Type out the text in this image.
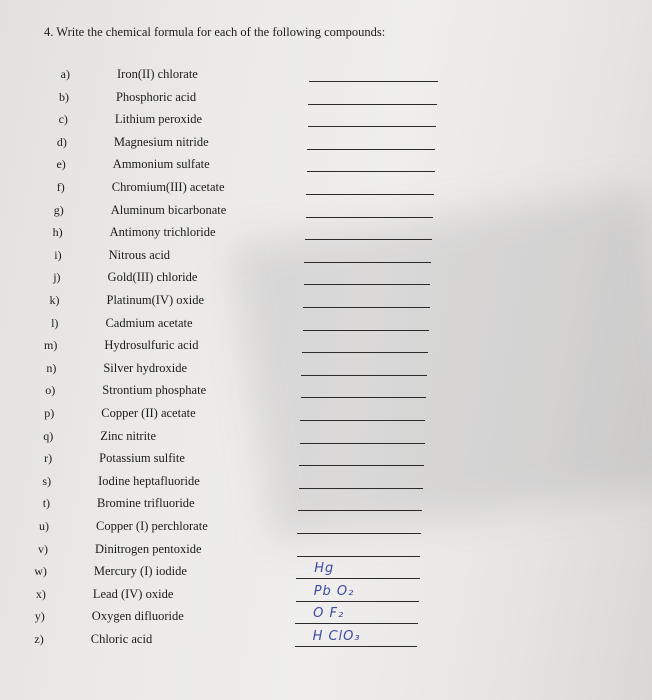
4. Write the chemical formula for each of the following compounds:
a)	Iron(II) chlorate
b)	Phosphoric acid
c)	Lithium peroxide
d)	Magnesium nitride
e)	Ammonium sulfate
f)	Chromium(III) acetate
g)	Aluminum bicarbonate
h)	Antimony trichloride
i)	Nitrous acid
j)	Gold(III) chloride
k)	Platinum(IV) oxide
l)	Cadmium acetate
m)	Hydrosulfuric acid
n)	Silver hydroxide
o)	Strontium phosphate
p)	Copper (II) acetate
q)	Zinc nitrite
r)	Potassium sulfite
s)	Iodine heptafluoride
t)	Bromine trifluoride
u)	Copper (I) perchlorate
v)	Dinitrogen pentoxide
w)	Mercury (I) iodide	Hg
x)	Lead (IV) oxide	Pb O₂
y)	Oxygen difluoride	O F₂
z)	Chloric acid	H ClO₃
